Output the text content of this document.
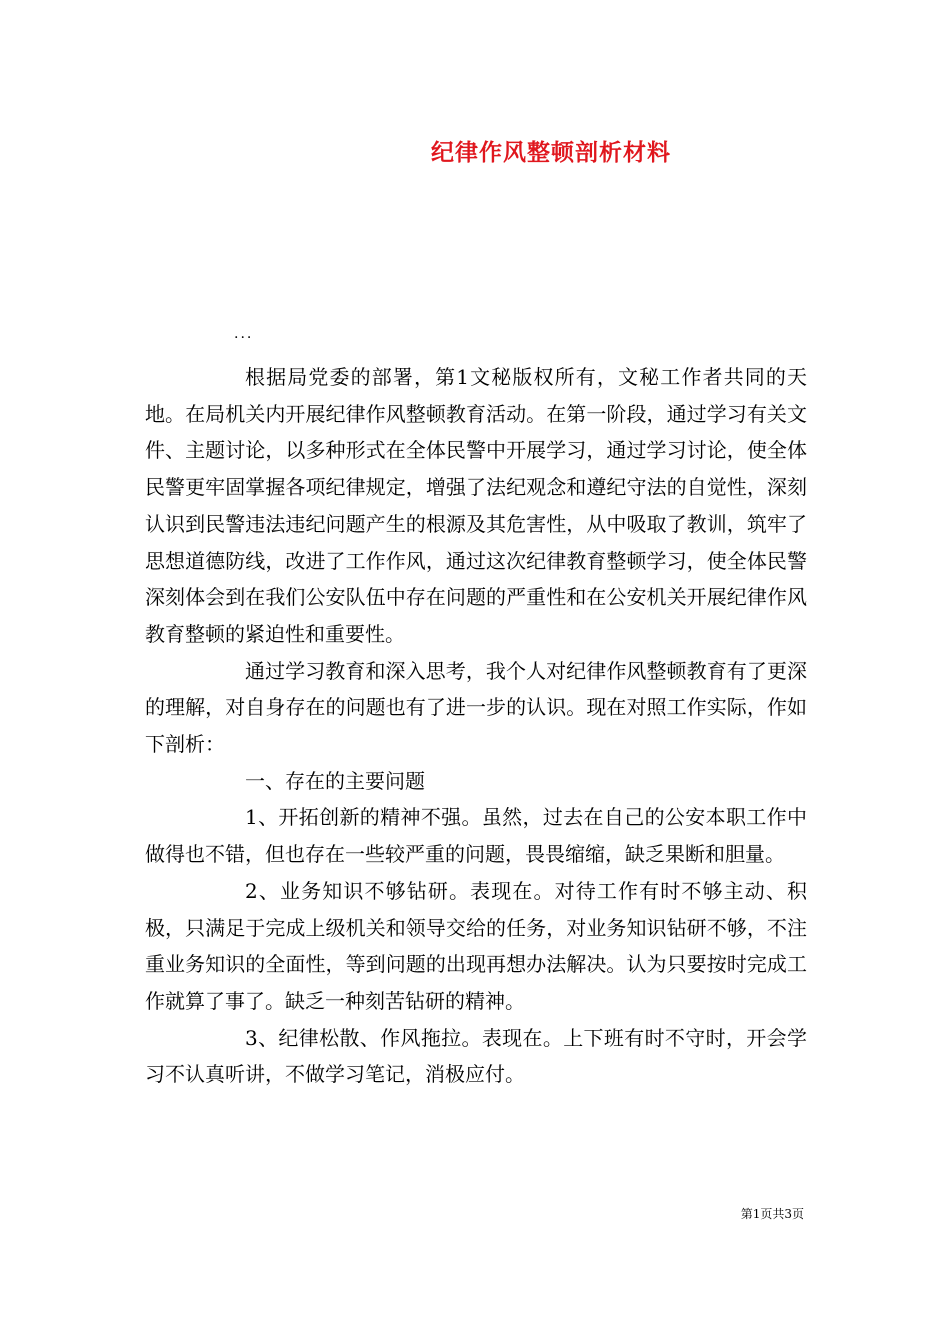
纪律作风整顿剖析材料
...

根据局党委的部署，第1文秘版权所有，文秘工作者共同的天地。在局机关内开展纪律作风整顿教育活动。在第一阶段，通过学习有关文件、主题讨论，以多种形式在全体民警中开展学习，通过学习讨论，使全体民警更牢固掌握各项纪律规定，增强了法纪观念和遵纪守法的自觉性，深刻认识到民警违法违纪问题产生的根源及其危害性，从中吸取了教训，筑牢了思想道德防线，改进了工作作风，通过这次纪律教育整顿学习，使全体民警深刻体会到在我们公安队伍中存在问题的严重性和在公安机关开展纪律作风教育整顿的紧迫性和重要性。

通过学习教育和深入思考，我个人对纪律作风整顿教育有了更深的理解，对自身存在的问题也有了进一步的认识。现在对照工作实际，作如下剖析：

一、存在的主要问题

1、开拓创新的精神不强。虽然，过去在自己的公安本职工作中做得也不错，但也存在一些较严重的问题，畏畏缩缩，缺乏果断和胆量。

2、业务知识不够钻研。表现在。对待工作有时不够主动、积极，只满足于完成上级机关和领导交给的任务，对业务知识钻研不够，不注重业务知识的全面性，等到问题的出现再想办法解决。认为只要按时完成工作就算了事了。缺乏一种刻苦钻研的精神。

3、纪律松散、作风拖拉。表现在。上下班有时不守时，开会学习不认真听讲，不做学习笔记，消极应付。

第1页共3页
